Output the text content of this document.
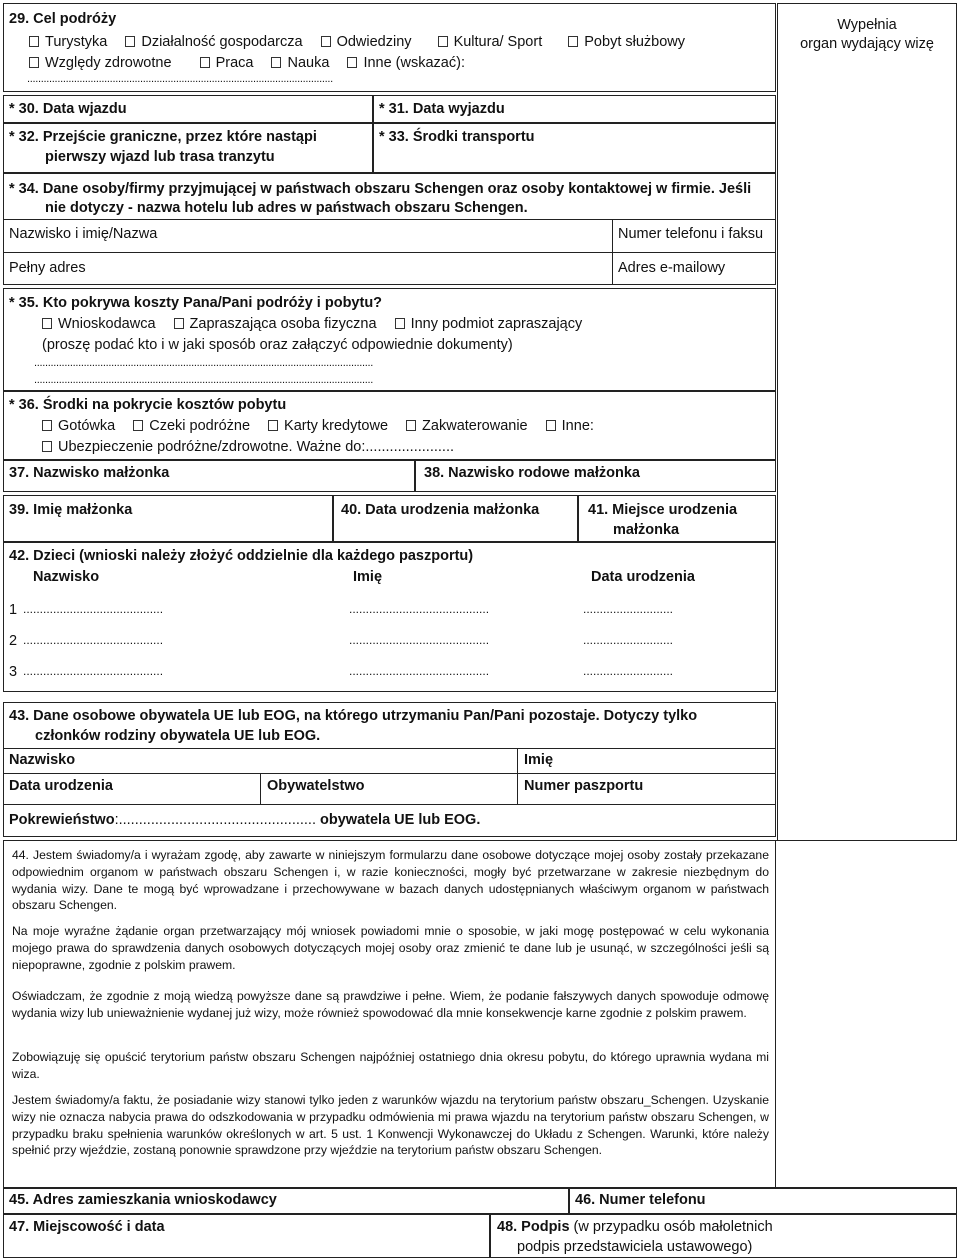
Wypełnia
organ wydający wizę
29. Cel podróży
Turystyka Działalność gospodarcza Odwiedziny	Kultura/ Sport	Pobyt służbowy
Względy zdrowotne	Praca Nauka Inne (wskazać):
...............................................................................................................
* 30. Data wjazdu	* 31. Data wyjazdu
* 32. Przejście graniczne, przez które nastąpi
pierwszy wjazd lub trasa tranzytu
* 33. Środki transportu
* 34. Dane osoby/firmy przyjmującej w państwach obszaru Schengen oraz osoby kontaktowej w firmie. Jeśli
nie dotyczy - nazwa hotelu lub adres w państwach obszaru Schengen.
Nazwisko i imię/Nazwa	Numer telefonu i faksu
Pełny adres	Adres e-mailowy
* 35. Kto pokrywa koszty Pana/Pani podróży i pobytu?
Wnioskodawca Zapraszająca osoba fizyczna Inny podmiot zapraszający
(proszę podać kto i w jaki sposób oraz załączyć odpowiednie dokumenty)
...........................................................................................................................
...........................................................................................................................
* 36. Środki na pokrycie kosztów pobytu
Gotówka Czeki podróżne Karty kredytowe Zakwaterowanie Inne:
Ubezpieczenie podróżne/zdrowotne. Ważne do:......................
37. Nazwisko małżonka	38. Nazwisko rodowe małżonka
39. Imię małżonka	40. Data urodzenia małżonka	41. Miejsce urodzenia
małżonka
42. Dzieci (wnioski należy złożyć oddzielnie dla każdego paszportu)
Nazwisko	Imię	Data urodzenia
1 ..........................................	..........................................	...........................
2 ..........................................	..........................................	...........................
3 ..........................................	..........................................	...........................
43. Dane osobowe obywatela UE lub EOG, na którego utrzymaniu Pan/Pani pozostaje. Dotyczy tylko
członków rodziny obywatela UE lub EOG.
Nazwisko	Imię
Data urodzenia	Obywatelstwo	Numer paszportu
Pokrewieństwo:................................................. obywatela UE lub EOG.
44. Jestem świadomy/a i wyrażam zgodę, aby zawarte w niniejszym formularzu dane osobowe dotyczące mojej osoby zostały przekazane odpowiednim organom w państwach obszaru Schengen i, w razie konieczności, mogły być przetwarzane w zakresie niezbędnym do wydania wizy. Dane te mogą być wprowadzane i przechowywane w bazach danych udostępnianych właściwym organom w państwach obszaru Schengen.
Na moje wyraźne żądanie organ przetwarzający mój wniosek powiadomi mnie o sposobie, w jaki mogę postępować w celu wykonania mojego prawa do sprawdzenia danych osobowych dotyczących mojej osoby oraz zmienić te dane lub je usunąć, w szczególności jeśli są niepoprawne, zgodnie z polskim prawem.
Oświadczam, że zgodnie z moją wiedzą powyższe dane są prawdziwe i pełne. Wiem, że podanie fałszywych danych spowoduje odmowę wydania wizy lub unieważnienie wydanej już wizy, może również spowodować dla mnie konsekwencje karne zgodnie z polskim prawem.
Zobowiązuję się opuścić terytorium państw obszaru Schengen najpóźniej ostatniego dnia okresu pobytu, do którego uprawnia wydana mi wiza.
Jestem świadomy/a faktu, że posiadanie wizy stanowi tylko jeden z warunków wjazdu na terytorium państw obszaru_Schengen. Uzyskanie wizy nie oznacza nabycia prawa do odszkodowania w przypadku odmówienia mi prawa wjazdu na terytorium państw obszaru Schengen, w przypadku braku spełnienia warunków określonych w art. 5 ust. 1 Konwencji Wykonawczej do Układu z Schengen. Warunki, które należy spełnić przy wjeździe, zostaną ponownie sprawdzone przy wjeździe na terytorium państw obszaru Schengen.
45. Adres zamieszkania wnioskodawcy	46. Numer telefonu
47. Miejscowość i data	48. Podpis (w przypadku osób małoletnich
podpis przedstawiciela ustawowego)
